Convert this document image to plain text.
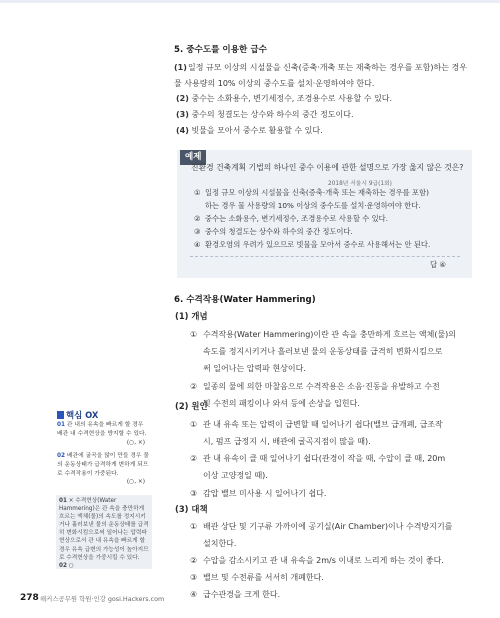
5. 중수도를 이용한 급수
(1)일정 규모 이상의 시설물을 신축(증축·개축 또는 재축하는 경우를 포함)하는 경우 물 사용량의 10% 이상의 중수도를 설치·운영하여야 한다.
(2) 중수는 소화용수, 변기세정수, 조경용수로 사용할 수 있다.
(3) 중수의 청결도는 상수와 하수의 중간 정도이다.
(4) 빗물을 모아서 중수로 활용할 수 있다.
예제
친환경 건축계획 기법의 하나인 중수 이용에 관한 설명으로 가장 옳지 않은 것은?
2018년 서울시 9급(1회)
① 일정 규모 이상의 시설물을 신축(증축·개축 또는 재축하는 경우를 포함)
하는 경우 물 사용량의 10% 이상의 중수도를 설치·운영하여야 한다.
② 중수는 소화용수, 변기세정수, 조경용수로 사용할 수 있다.
③ 중수의 청결도는 상수와 하수의 중간 정도이다.
④ 환경오염의 우려가 있으므로 빗물을 모아서 중수로 사용해서는 안 된다.
답 ④
6. 수격작용(Water Hammering)
(1) 개념
① 수격작용(Water Hammering)이란 관 속을 충만하게 흐르는 액체(물)의
속도를 정지시키거나 흘러보낸 물의 운동상태를 급격히 변화시킴으로
써 일어나는 압력파 현상이다.
② 일종의 물에 의한 마찰음으로 수격작용은 소음·진동을 유발하고 수전
및 수전의 패킹이나 와셔 등에 손상을 입힌다.
(2) 원인
① 관 내 유속 또는 압력이 급변할 때 일어나기 쉽다(밸브 급개폐, 급조작
시, 펌프 급정지 시, 배관에 굴곡지점이 많을 때).
② 관 내 유속이 클 때 일어나기 쉽다(관경이 작을 때, 수압이 클 때, 20m
이상 고양정일 때).
③ 감압 밸브 미사용 시 일어나기 쉽다.
(3) 대책
① 배관 상단 및 기구류 가까이에 공기실(Air Chamber)이나 수격방지기를
설치한다.
② 수압을 감소시키고 관 내 유속을 2m/s 이내로 느리게 하는 것이 좋다.
③ 밸브 및 수전류를 서서히 개폐한다.
④ 급수관경을 크게 한다.
핵심 OX
01 관 내의 유속을 빠르게 할 경우 배관 내 수격현상을 방지할 수 있다.
(○, ×)
02 배관에 굴곡을 많이 만들 경우 물의 운동상태가 급격하게 변하게 되므로 수격작용이 가중된다.
(○, ×)
01 × 수격현상(Water Hammering)은 관 속을 충만하게 흐르는 액체(물)의 속도를 정지시키거나 흘러보낸 물의 운동상태를 급격히 변화시킴으로써 일어나는 압력파 현상으로서 관 내 유속을 빠르게 할 경우 유속 급변의 가능성이 높아지므로 수격현상을 가중시킬 수 있다.
02 ○
278 해커스공무원 학원·인강 gosi.Hackers.com
